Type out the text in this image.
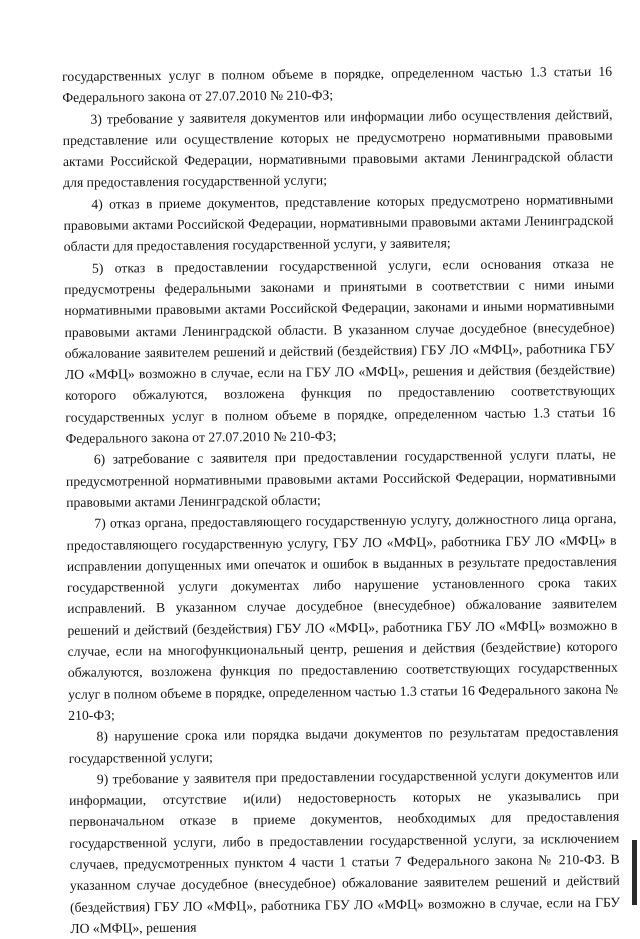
государственных услуг в полном объеме в порядке, определенном частью 1.3 статьи 16 Федерального закона от 27.07.2010 № 210-ФЗ;

3) требование у заявителя документов или информации либо осуществления действий, представление или осуществление которых не предусмотрено нормативными правовыми актами Российской Федерации, нормативными правовыми актами Ленинградской области для предоставления государственной услуги;

4) отказ в приеме документов, представление которых предусмотрено нормативными правовыми актами Российской Федерации, нормативными правовыми актами Ленинградской области для предоставления государственной услуги, у заявителя;

5) отказ в предоставлении государственной услуги, если основания отказа не предусмотрены федеральными законами и принятыми в соответствии с ними иными нормативными правовыми актами Российской Федерации, законами и иными нормативными правовыми актами Ленинградской области. В указанном случае досудебное (внесудебное) обжалование заявителем решений и действий (бездействия) ГБУ ЛО «МФЦ», работника ГБУ ЛО «МФЦ» возможно в случае, если на ГБУ ЛО «МФЦ», решения и действия (бездействие) которого обжалуются, возложена функция по предоставлению соответствующих государственных услуг в полном объеме в порядке, определенном частью 1.3 статьи 16 Федерального закона от 27.07.2010 № 210-ФЗ;

6) затребование с заявителя при предоставлении государственной услуги платы, не предусмотренной нормативными правовыми актами Российской Федерации, нормативными правовыми актами Ленинградской области;

7) отказ органа, предоставляющего государственную услугу, должностного лица органа, предоставляющего государственную услугу, ГБУ ЛО «МФЦ», работника ГБУ ЛО «МФЦ» в исправлении допущенных ими опечаток и ошибок в выданных в результате предоставления государственной услуги документах либо нарушение установленного срока таких исправлений. В указанном случае досудебное (внесудебное) обжалование заявителем решений и действий (бездействия) ГБУ ЛО «МФЦ», работника ГБУ ЛО «МФЦ» возможно в случае, если на многофункциональный центр, решения и действия (бездействие) которого обжалуются, возложена функция по предоставлению соответствующих государственных услуг в полном объеме в порядке, определенном частью 1.3 статьи 16 Федерального закона № 210-ФЗ;

8) нарушение срока или порядка выдачи документов по результатам предоставления государственной услуги;

9) требование у заявителя при предоставлении государственной услуги документов или информации, отсутствие и(или) недостоверность которых не указывались при первоначальном отказе в приеме документов, необходимых для предоставления государственной услуги, либо в предоставлении государственной услуги, за исключением случаев, предусмотренных пунктом 4 части 1 статьи 7 Федерального закона № 210-ФЗ. В указанном случае досудебное (внесудебное) обжалование заявителем решений и действий (бездействия) ГБУ ЛО «МФЦ», работника ГБУ ЛО «МФЦ» возможно в случае, если на ГБУ ЛО «МФЦ», решения
